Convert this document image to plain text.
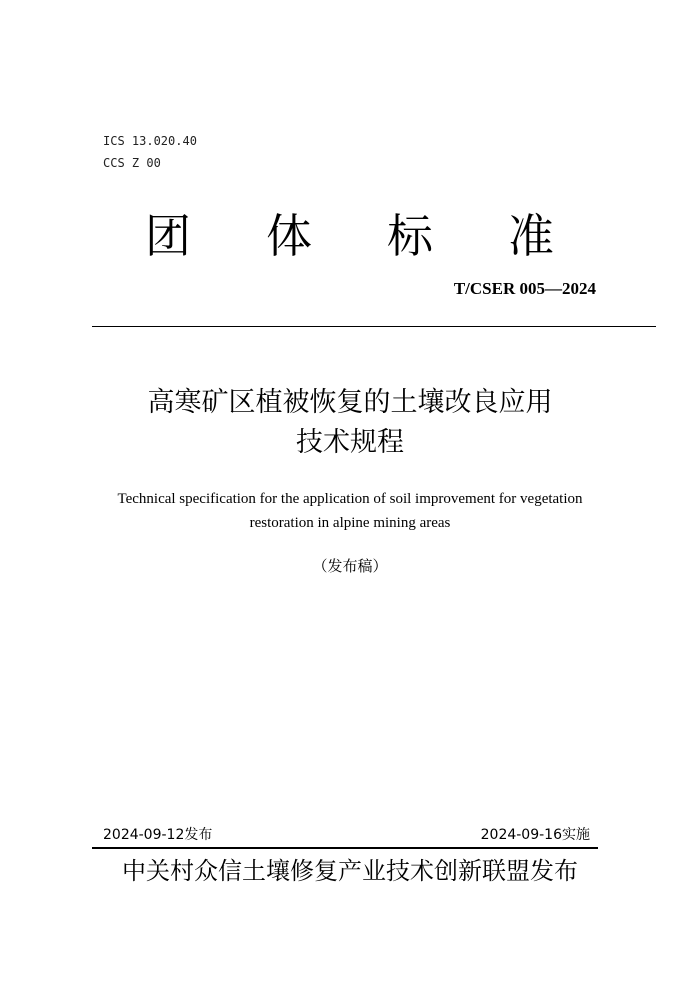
ICS 13.020.40
CCS Z 00
团 体 标 准
T/CSER 005—2024
高寒矿区植被恢复的土壤改良应用
技术规程
Technical specification for the application of soil improvement for vegetation
restoration in alpine mining areas
（发布稿）
2024-09-12发布	2024-09-16实施
中关村众信土壤修复产业技术创新联盟发布
